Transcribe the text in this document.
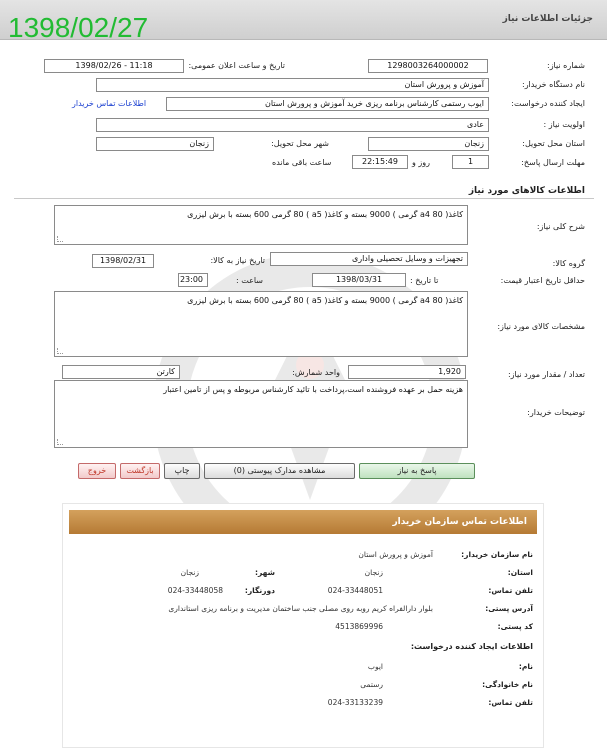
جزئیات اطلاعات نیاز
1398/02/27
شماره نیاز:
1298003264000002
تاریخ و ساعت اعلان عمومی:
1398/02/26 - 11:18
نام دستگاه خريدار:
آموزش و پرورش استان
ایجاد کننده درخواست:
ایوب رستمی کارشناس برنامه ریزی خرید آموزش و پرورش استان
اطلاعات تماس خریدار
اولویت نیاز :
عادی
استان محل تحویل:
زنجان
شهر محل تحویل:
زنجان
مهلت ارسال پاسخ:
1
روز و
22:15:49
ساعت باقی مانده
اطلاعات کالاهای مورد نیاز
شرح کلی نیاز:
کاغذ( a4 80 گرمی ) 9000 بسته و کاغذ( a5 ) 80 گرمی 600 بسته با برش لیزری
گروه کالا:
تجهیزات و وسایل تحصیلی واداری
تاریخ نیاز به کالا:
1398/02/31
حداقل تاریخ اعتبار قیمت:
تا تاریخ :
1398/03/31
ساعت :
23:00
مشخصات کالای مورد نیاز:
کاغذ( a4 80 گرمی ) 9000 بسته و کاغذ( a5 ) 80 گرمی 600 بسته با برش لیزری
تعداد / مقدار مورد نیاز:
1,920
واحد شمارش:
کارتن
توضیحات خریدار:
هزینه حمل بر عهده فروشنده است،پرداخت با تائید کارشناس مربوطه و پس از تامین اعتبار
پاسخ به نیاز
مشاهده مدارک پیوستی (0)
چاپ
بازگشت
خروج
اطلاعات تماس سازمان خریدار
نام سازمان خریدار:
آموزش و پرورش استان
استان:
زنجان
شهر:
زنجان
تلفن تماس:
024-33448051
دورنگار:
024-33448058
آدرس پستی:
بلوار دارالفراه کریم روبه روی مصلی جنب ساختمان مدیریت و برنامه ریزی استانداری
کد پستی:
4513869996
اطلاعات ایجاد کننده درخواست:
نام:
ایوب
نام خانوادگی:
رستمی
تلفن تماس:
024-33133239
